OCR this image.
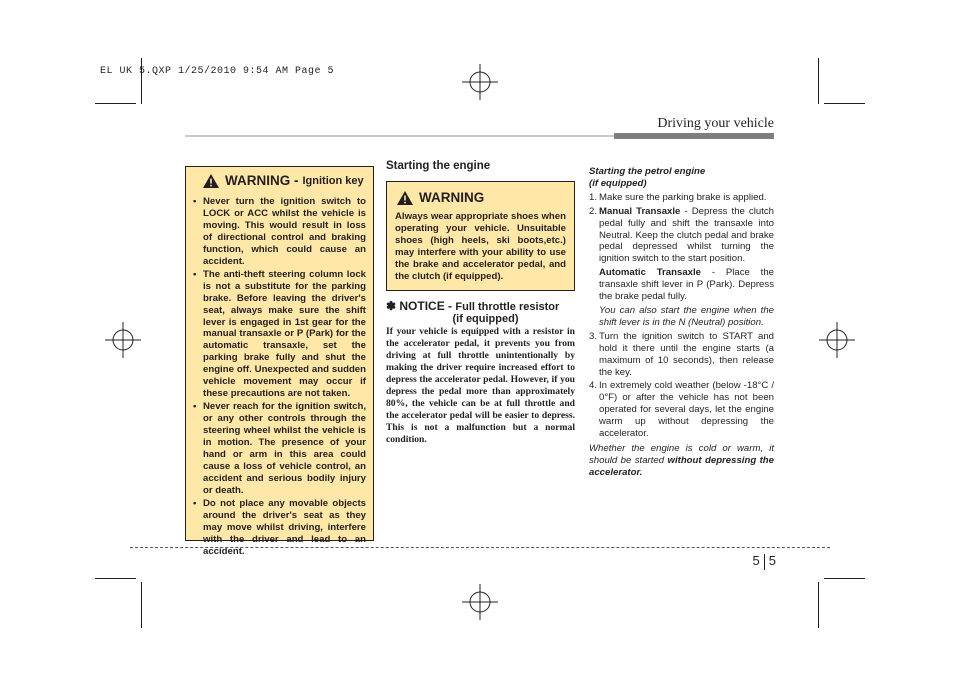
EL UK 5.QXP 1/25/2010 9:54 AM Page 5
Driving your vehicle
WARNING - Ignition key
• Never turn the ignition switch to LOCK or ACC whilst the vehicle is moving. This would result in loss of directional control and braking function, which could cause an accident.
• The anti-theft steering column lock is not a substitute for the parking brake. Before leaving the driver's seat, always make sure the shift lever is engaged in 1st gear for the manual transaxle or P (Park) for the automatic transaxle, set the parking brake fully and shut the engine off. Unexpected and sudden vehicle movement may occur if these precautions are not taken.
• Never reach for the ignition switch, or any other controls through the steering wheel whilst the vehicle is in motion. The presence of your hand or arm in this area could cause a loss of vehicle control, an accident and serious bodily injury or death.
• Do not place any movable objects around the driver's seat as they may move whilst driving, interfere with the driver and lead to an accident.
Starting the engine
WARNING

Always wear appropriate shoes when operating your vehicle. Unsuitable shoes (high heels, ski boots,etc.) may interfere with your ability to use the brake and accelerator pedal, and the clutch (if equipped).

✽ NOTICE - Full throttle resistor
(if equipped)

If your vehicle is equipped with a resistor in the accelerator pedal, it prevents you from driving at full throttle unintentionally by making the driver require increased effort to depress the accelerator pedal. However, if you depress the pedal more than approximately 80%, the vehicle can be at full throttle and the accelerator pedal will be easier to depress. This is not a malfunction but a normal condition.

Starting the petrol engine
(if equipped)

1. Make sure the parking brake is applied.

2. Manual Transaxle - Depress the clutch pedal fully and shift the transaxle into Neutral. Keep the clutch pedal and brake pedal depressed whilst turning the ignition switch to the start position.

Automatic Transaxle - Place the transaxle shift lever in P (Park). Depress the brake pedal fully.

You can also start the engine when the shift lever is in the N (Neutral) position.

3. Turn the ignition switch to START and hold it there until the engine starts (a maximum of 10 seconds), then release the key.

4. In extremely cold weather (below -18°C / 0°F) or after the vehicle has not been operated for several days, let the engine warm up without depressing the accelerator.

Whether the engine is cold or warm, it should be started without depressing the accelerator.

5 5
